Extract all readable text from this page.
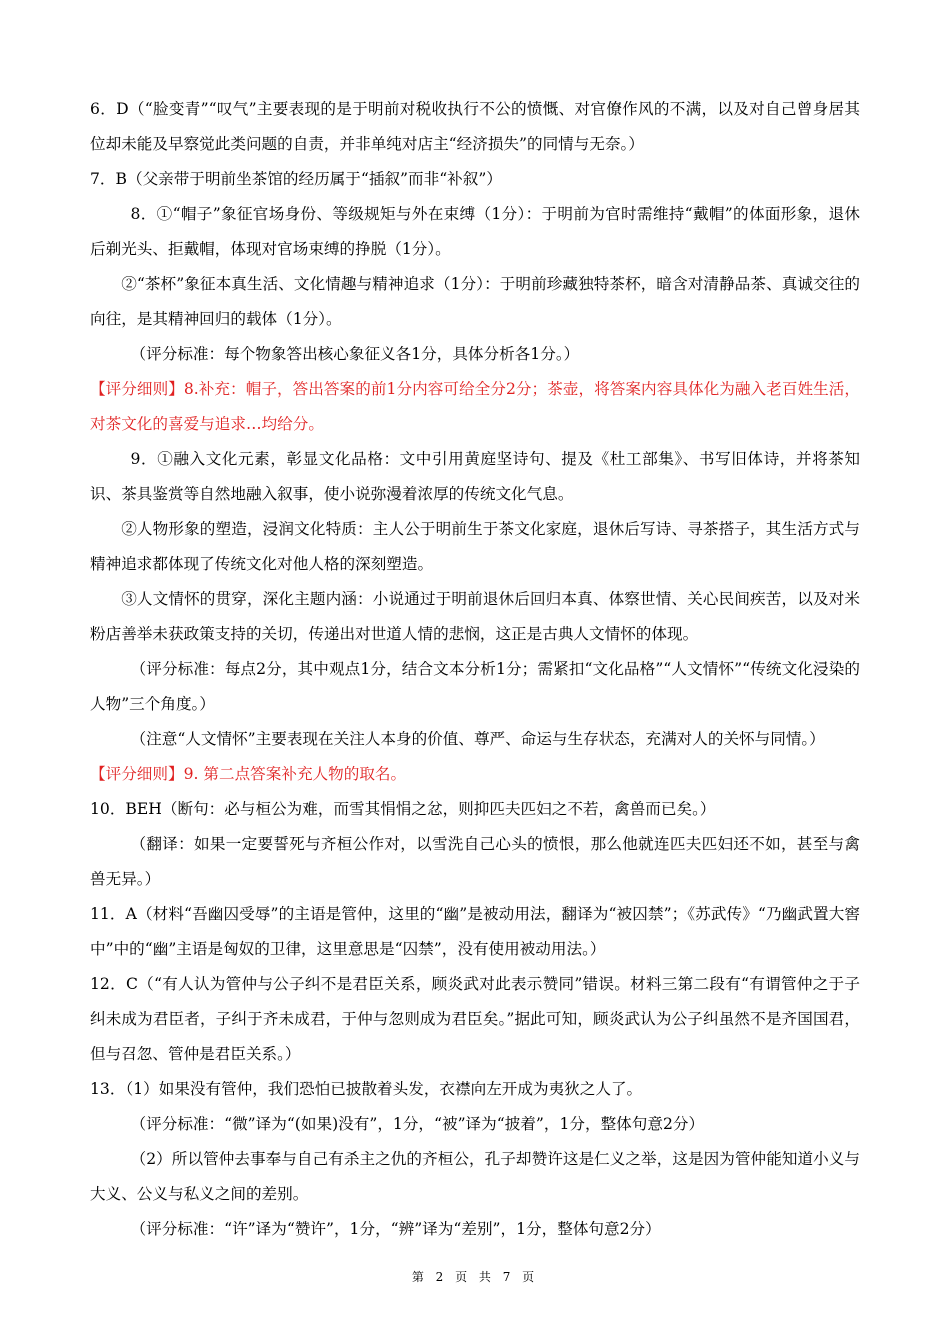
6．D（“脸变青”“叹气”主要表现的是于明前对税收执行不公的愤慨、对官僚作风的不满，以及对自己曾身居其位却未能及早察觉此类问题的自责，并非单纯对店主“经济损失”的同情与无奈。）

7．B（父亲带于明前坐茶馆的经历属于“插叙”而非“补叙”）

8．①“帽子”象征官场身份、等级规矩与外在束缚（1分）：于明前为官时需维持“戴帽”的体面形象，退休后剃光头、拒戴帽，体现对官场束缚的挣脱（1分）。

②“茶杯”象征本真生活、文化情趣与精神追求（1分）：于明前珍藏独特茶杯，暗含对清静品茶、真诚交往的向往，是其精神回归的载体（1分）。

（评分标准：每个物象答出核心象征义各1分，具体分析各1分。）

【评分细则】8.补充：帽子，答出答案的前1分内容可给全分2分；茶壶，将答案内容具体化为融入老百姓生活，对茶文化的喜爱与追求…均给分。

9．①融入文化元素，彰显文化品格：文中引用黄庭坚诗句、提及《杜工部集》、书写旧体诗，并将茶知识、茶具鉴赏等自然地融入叙事，使小说弥漫着浓厚的传统文化气息。

②人物形象的塑造，浸润文化特质：主人公于明前生于茶文化家庭，退休后写诗、寻茶搭子，其生活方式与精神追求都体现了传统文化对他人格的深刻塑造。

③人文情怀的贯穿，深化主题内涵：小说通过于明前退休后回归本真、体察世情、关心民间疾苦，以及对米粉店善举未获政策支持的关切，传递出对世道人情的悲悯，这正是古典人文情怀的体现。

（评分标准：每点2分，其中观点1分，结合文本分析1分；需紧扣“文化品格”“人文情怀”“传统文化浸染的人物”三个角度。）

（注意“人文情怀”主要表现在关注人本身的价值、尊严、命运与生存状态，充满对人的关怀与同情。）

【评分细则】9. 第二点答案补充人物的取名。

10．BEH（断句：必与桓公为难，而雪其悁悁之忿，则抑匹夫匹妇之不若，禽兽而已矣。）

（翻译：如果一定要誓死与齐桓公作对，以雪洗自己心头的愤恨，那么他就连匹夫匹妇还不如，甚至与禽兽无异。）

11．A（材料“吾幽囚受辱”的主语是管仲，这里的“幽”是被动用法，翻译为“被囚禁”；《苏武传》“乃幽武置大窖中”中的“幽”主语是匈奴的卫律，这里意思是“囚禁”，没有使用被动用法。）

12．C（“有人认为管仲与公子纠不是君臣关系，顾炎武对此表示赞同”错误。材料三第二段有“有谓管仲之于子纠未成为君臣者，子纠于齐未成君，于仲与忽则成为君臣矣。”据此可知，顾炎武认为公子纠虽然不是齐国国君，但与召忽、管仲是君臣关系。）

13．（1）如果没有管仲，我们恐怕已披散着头发，衣襟向左开成为夷狄之人了。

（评分标准：“微”译为“(如果)没有”，1分，“被”译为“披着”，1分，整体句意2分）

（2）所以管仲去事奉与自己有杀主之仇的齐桓公，孔子却赞许这是仁义之举，这是因为管仲能知道小义与大义、公义与私义之间的差别。

（评分标准：“许”译为“赞许”，1分，“辨”译为“差别”，1分，整体句意2分）

第 2 页 共 7 页
